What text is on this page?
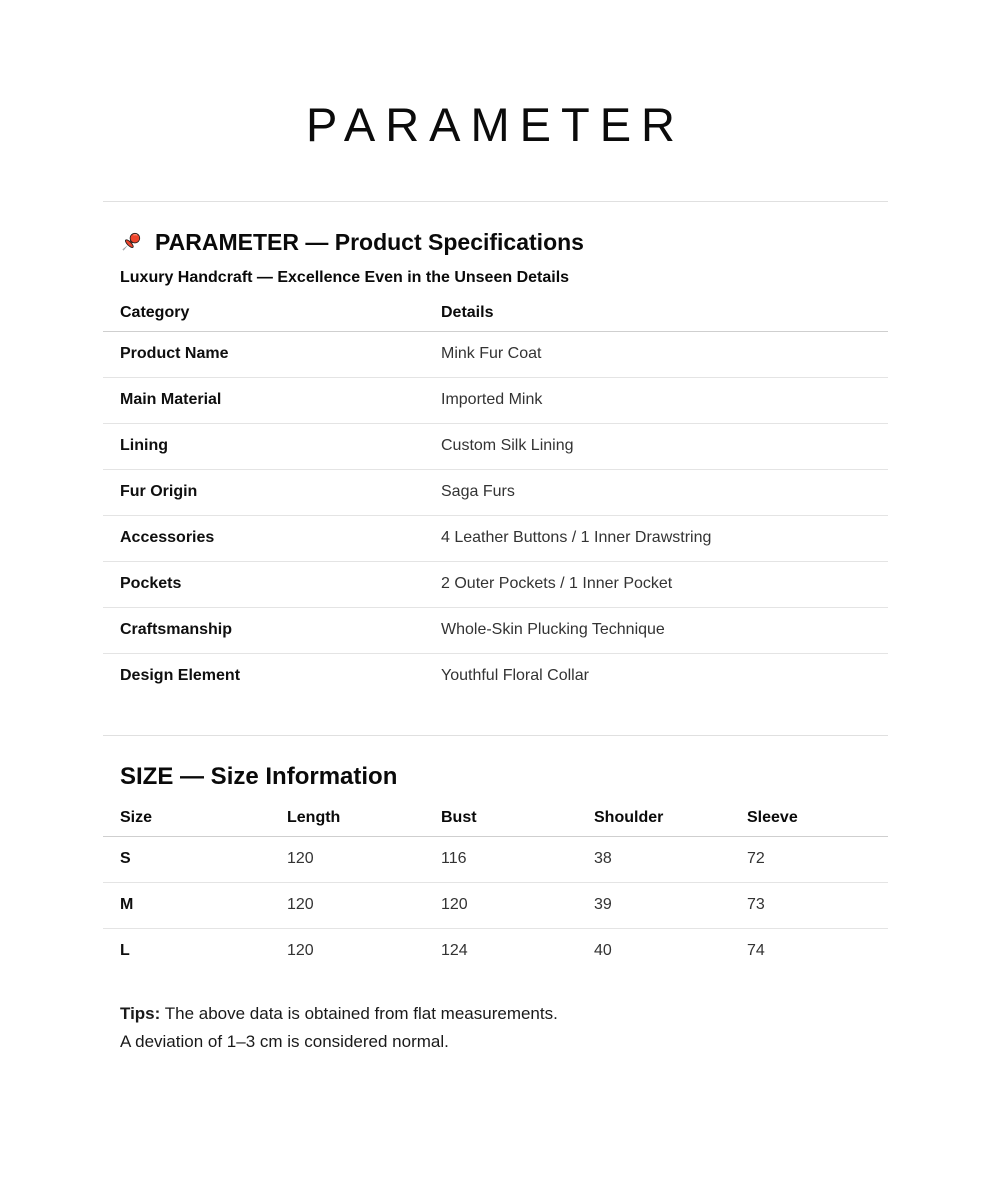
PARAMETER
PARAMETER — Product Specifications

Luxury Handcraft — Excellence Even in the Unseen Details

Category	Details
Product Name	Mink Fur Coat
Main Material	Imported Mink
Lining	Custom Silk Lining
Fur Origin	Saga Furs
Accessories	4 Leather Buttons / 1 Inner Drawstring
Pockets	2 Outer Pockets / 1 Inner Pocket
Craftsmanship	Whole-Skin Plucking Technique
Design Element	Youthful Floral Collar
SIZE — Size Information
Size	Length	Bust	Shoulder	Sleeve
S	120	116	38	72
M	120	120	39	73
L	120	124	40	74

Tips: The above data is obtained from flat measurements.
A deviation of 1–3 cm is considered normal.
